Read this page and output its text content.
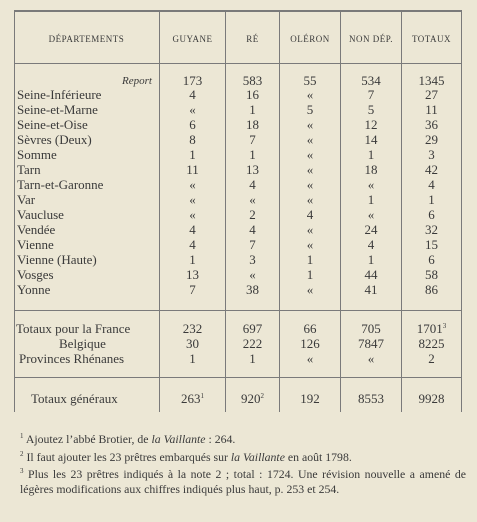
DÉPARTEMENTS	GUYANE	RÉ	OLÉRON	NON DÉP.	TOTAUX
Report	173	583	55	534	1345
Seine-Inférieure	4	16	«	7	27
Seine-et-Marne	«	1	5	5	11
Seine-et-Oise	6	18	«	12	36
Sèvres (Deux)	8	7	«	14	29
Somme	1	1	«	1	3
Tarn	11	13	«	18	42
Tarn-et-Garonne	«	4	«	«	4
Var	«	«	«	1	1
Vaucluse	«	2	4	«	6
Vendée	4	4	«	24	32
Vienne	4	7	«	4	15
Vienne (Haute)	1	3	1	1	6
Vosges	13	«	1	44	58
Yonne	7	38	«	41	86
Totaux pour la France	232	697	66	705	1701$^3$
Belgique	30	222	126	7847	8225
Provinces Rhénanes	1	1	«	«	2
Totaux généraux	$263^1$	$920^2$	192	8553	9928

$^1$ Ajoutez l’abbé Brotier, de la Vaillante : 264.

$^2$ Il faut ajouter les 23 prêtres embarqués sur la Vaillante en août 1798.

$^3$ Plus les 23 prêtres indiqués à la note 2 ; total : 1724. Une révision nouvelle a amené de légères modifications aux chiffres indiqués plus haut, p. 253 et 254.
